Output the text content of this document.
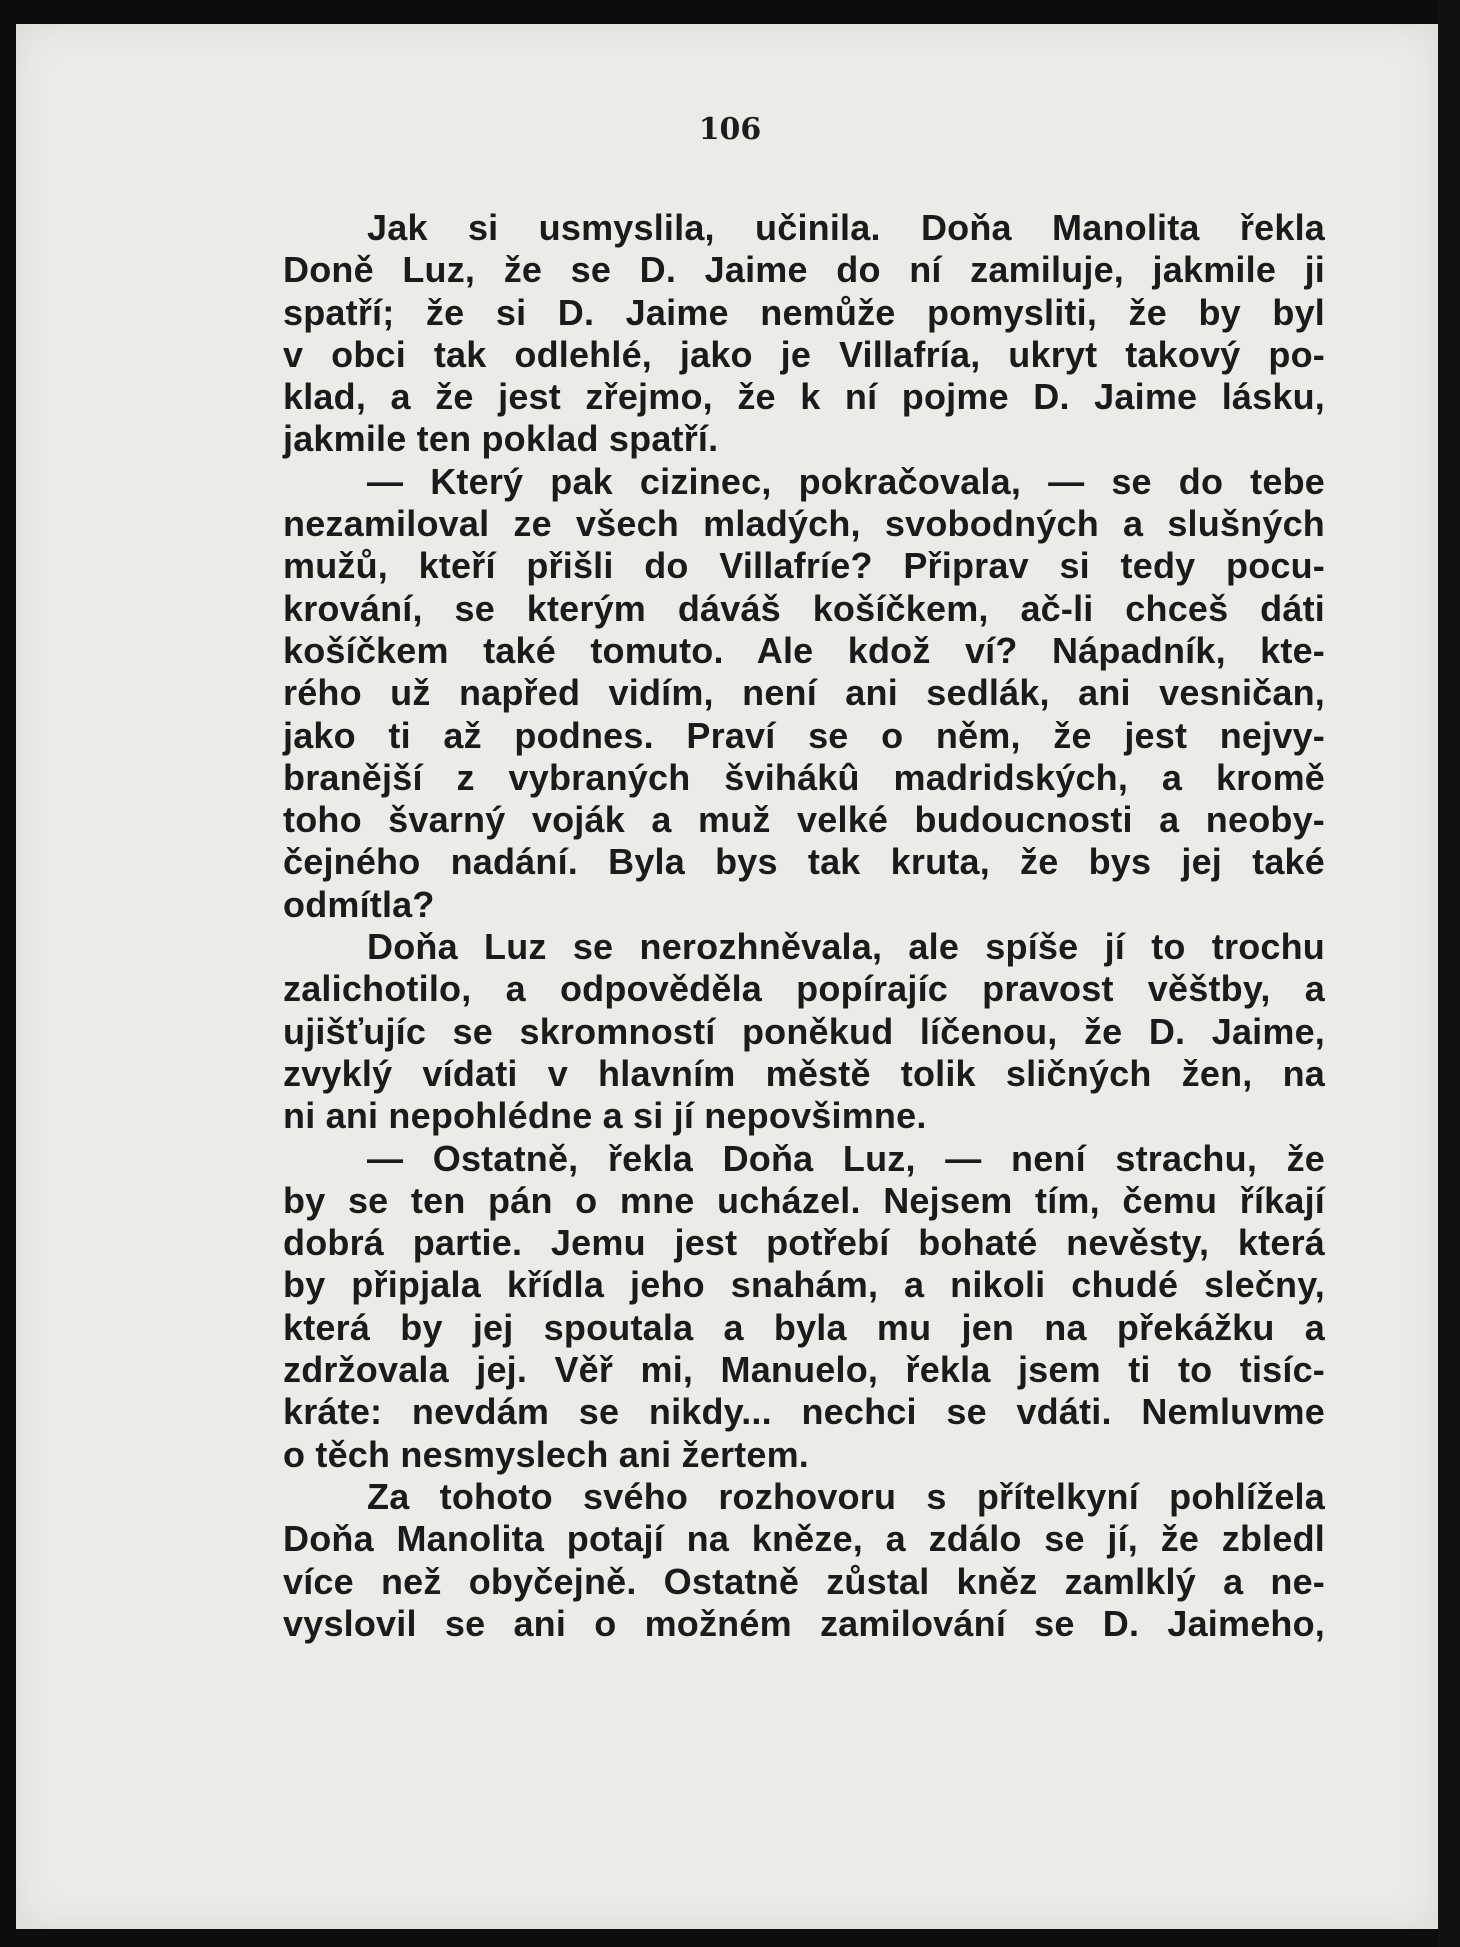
106
Jak si usmyslila, učinila. Doňa Manolita řekla
Doně Luz, že se D. Jaime do ní zamiluje, jakmile ji
spatří; že si D. Jaime nemůže pomysliti, že by byl
v obci tak odlehlé, jako je Villafría, ukryt takový po-
klad, a že jest zřejmo, že k ní pojme D. Jaime lásku,
jakmile ten poklad spatří.
— Který pak cizinec, pokračovala, — se do tebe
nezamiloval ze všech mladých, svobodných a slušných
mužů, kteří přišli do Villafríe? Připrav si tedy pocu-
krování, se kterým dáváš košíčkem, ač-li chceš dáti
košíčkem také tomuto. Ale kdož ví? Nápadník, kte-
rého už napřed vidím, není ani sedlák, ani vesničan,
jako ti až podnes. Praví se o něm, že jest nejvy-
branější z vybraných švihákû madridských, a kromě
toho švarný voják a muž velké budoucnosti a neoby-
čejného nadání. Byla bys tak kruta, že bys jej také
odmítla?
Doňa Luz se nerozhněvala, ale spíše jí to trochu
zalichotilo, a odpověděla popírajíc pravost věštby, a
ujišťujíc se skromností poněkud líčenou, že D. Jaime,
zvyklý vídati v hlavním městě tolik sličných žen, na
ni ani nepohlédne a si jí nepovšimne.
— Ostatně, řekla Doňa Luz, — není strachu, že
by se ten pán o mne ucházel. Nejsem tím, čemu říkají
dobrá partie. Jemu jest potřebí bohaté nevěsty, která
by připjala křídla jeho snahám, a nikoli chudé slečny,
která by jej spoutala a byla mu jen na překážku a
zdržovala jej. Věř mi, Manuelo, řekla jsem ti to tisíc-
kráte: nevdám se nikdy... nechci se vdáti. Nemluvme
o těch nesmyslech ani žertem.
Za tohoto svého rozhovoru s přítelkyní pohlížela
Doňa Manolita potají na kněze, a zdálo se jí, že zbledl
více než obyčejně. Ostatně zůstal kněz zamlklý a ne-
vyslovil se ani o možném zamilování se D. Jaimeho,
